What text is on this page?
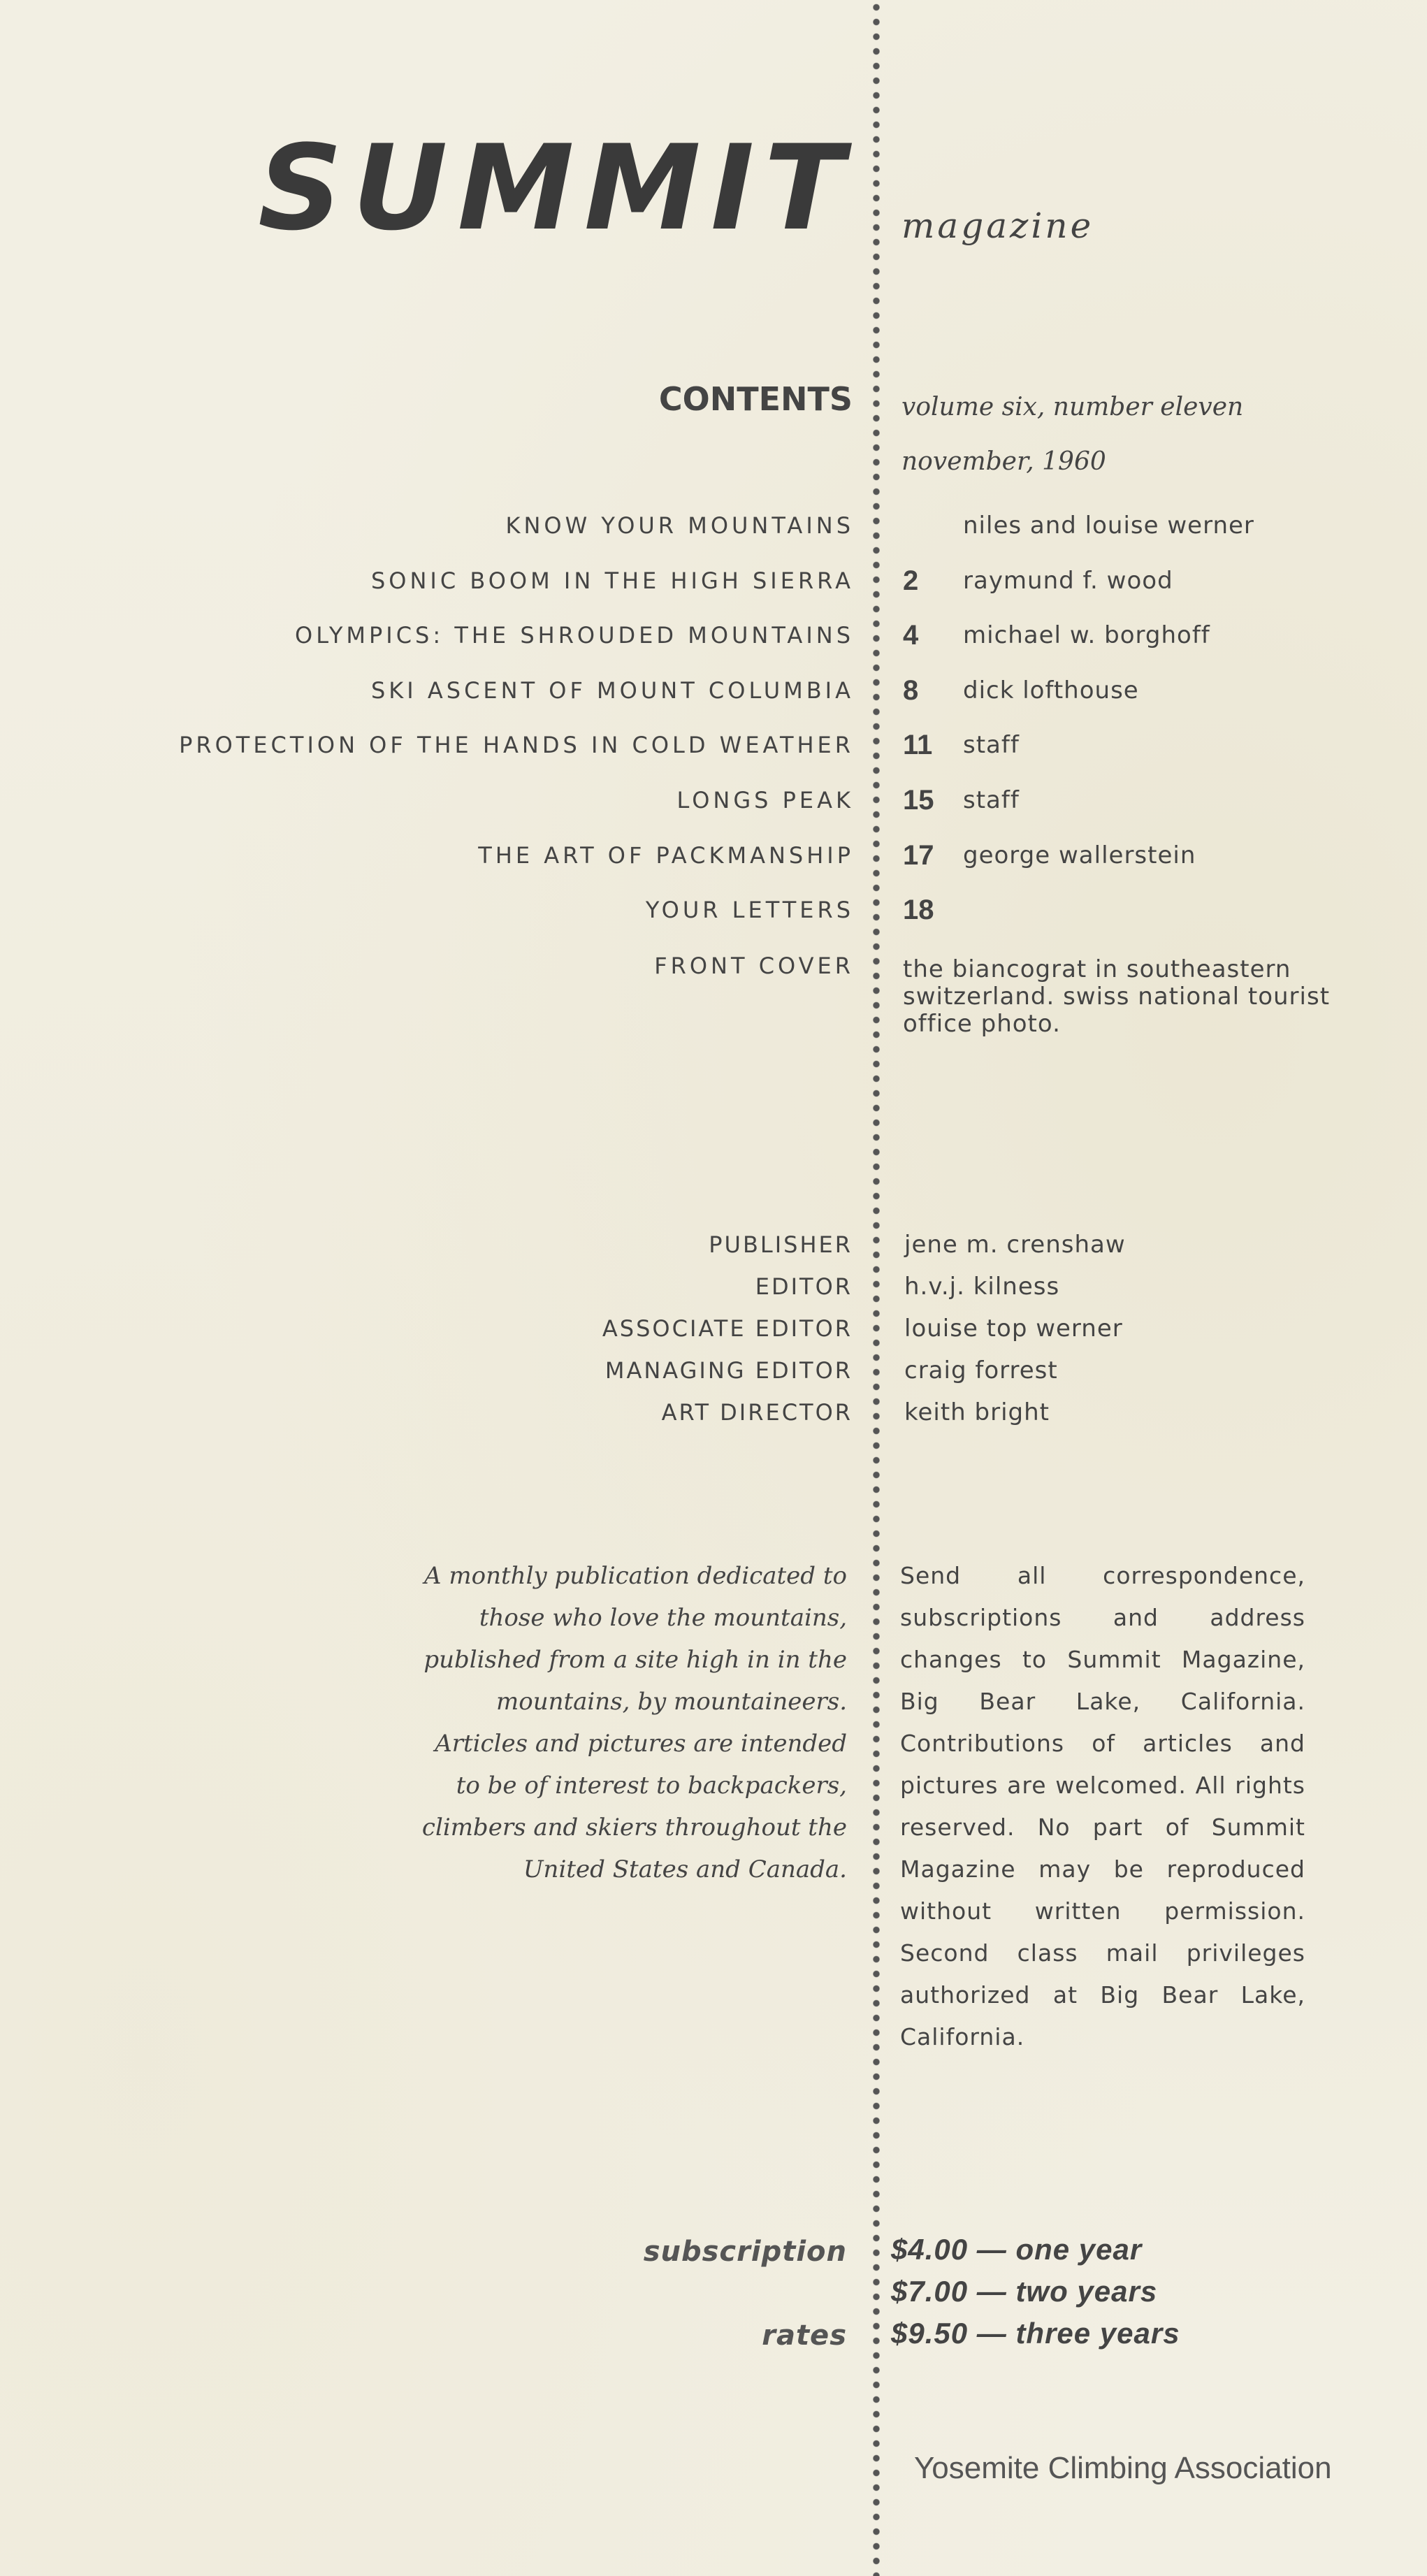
SUMMIT magazine
CONTENTS volume six, number eleven
november, 1960
KNOW YOUR MOUNTAINS	niles and louise werner
SONIC BOOM IN THE HIGH SIERRA 2 raymund f. wood
OLYMPICS: THE SHROUDED MOUNTAINS 4 michael w. borghoff
SKI ASCENT OF MOUNT COLUMBIA 8 dick lofthouse
PROTECTION OF THE HANDS IN COLD WEATHER 11 staff
LONGS PEAK 15 staff
THE ART OF PACKMANSHIP 17 george wallerstein
YOUR LETTERS 18
FRONT COVER the biancograt in southeastern switzerland. swiss national tourist office photo.
PUBLISHER jene m. crenshaw
EDITOR h.v.j. kilness
ASSOCIATE EDITOR louise top werner
MANAGING EDITOR craig forrest
ART DIRECTOR keith bright

A monthly publication dedicated to those who love the mountains, published from a site high in in the mountains, by mountaineers.

Articles and pictures are intended to be of interest to backpackers, climbers and skiers throughout the United States and Canada.

Send all correspondence, subscriptions and address changes to Summit Magazine, Big Bear Lake, California. Contributions of articles and pictures are welcomed. All rights reserved. No part of Summit Magazine may be reproduced without written permission. Second class mail privileges authorized at Big Bear Lake, California.
subscription
rates
$4.00 — one year
$7.00 — two years
$9.50 — three years
Yosemite Climbing Association
